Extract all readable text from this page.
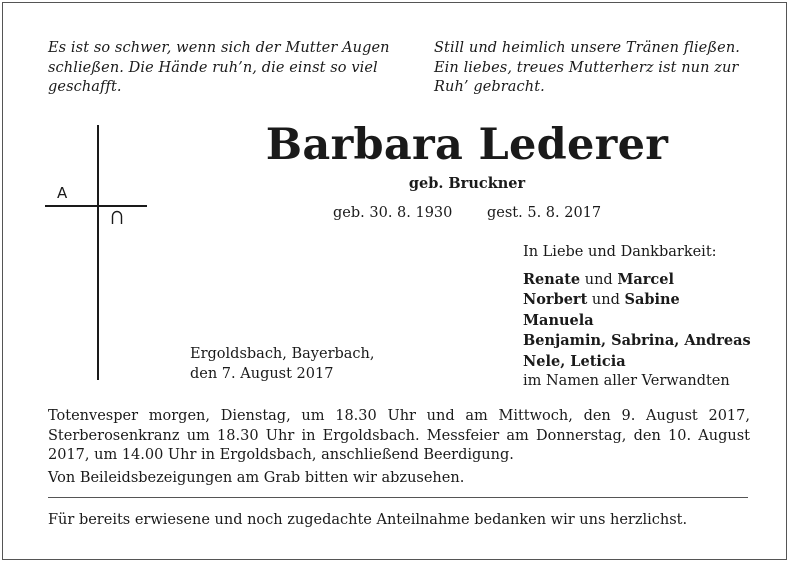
Es ist so schwer, wenn sich der Mutter Augen
schließen. Die Hände ruh’n, die einst so viel
geschafft.
Still und heimlich unsere Tränen fließen.
Ein liebes, treues Mutterherz ist nun zur
Ruh’ gebracht.
A
Barbara Lederer
geb. Bruckner
geb. 30. 8. 1930 gest. 5. 8. 2017
In Liebe und Dankbarkeit:
Renate und Marcel
Norbert und Sabine
Manuela
Benjamin, Sabrina, Andreas
Nele, Leticia
im Namen aller Verwandten
Ergoldsbach, Bayerbach,
den 7. August 2017
Totenvesper morgen, Dienstag, um 18.30 Uhr und am Mittwoch, den 9. August 2017, Sterberosenkranz um 18.30 Uhr in Ergoldsbach. Messfeier am Donnerstag, den 10. August 2017, um 14.00 Uhr in Ergoldsbach, anschließend Beerdigung.
Von Beileidsbezeigungen am Grab bitten wir abzusehen.
Für bereits erwiesene und noch zugedachte Anteilnahme bedanken wir uns herzlichst.
